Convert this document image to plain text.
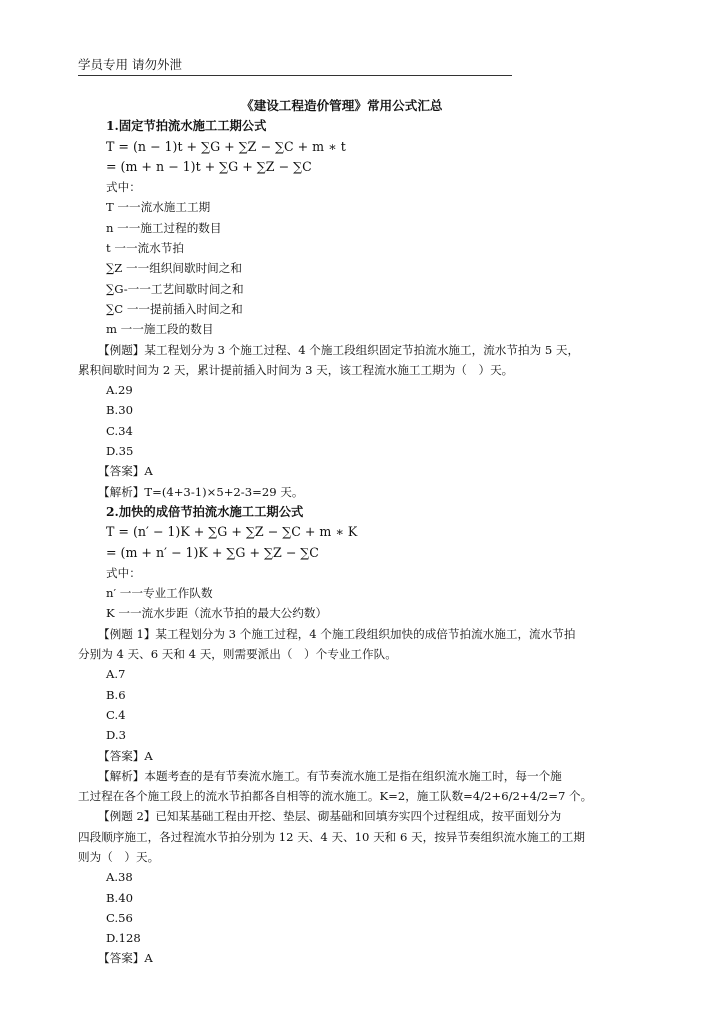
学员专用 请勿外泄

《建设工程造价管理》常用公式汇总

1.固定节拍流水施工工期公式

T = (n − 1)t + ∑G + ∑Z − ∑C + m ∗ t

= (m + n − 1)t + ∑G + ∑Z − ∑C

式中：

T 一一流水施工工期

n 一一施工过程的数目

t 一一流水节拍

∑Z 一一组织间歇时间之和

∑G-一一工艺间歇时间之和

∑C 一一提前插入时间之和

m 一一施工段的数目

【例题】某工程划分为 3 个施工过程、4 个施工段组织固定节拍流水施工，流水节拍为 5 天，

累积间歇时间为 2 天，累计提前插入时间为 3 天，该工程流水施工工期为（　）天。

A.29

B.30

C.34

D.35

【答案】A

【解析】T=(4+3-1)×5+2-3=29 天。

2.加快的成倍节拍流水施工工期公式

T = (n′ − 1)K + ∑G + ∑Z − ∑C + m ∗ K

= (m + n′ − 1)K + ∑G + ∑Z − ∑C

式中：

n′ 一一专业工作队数

K 一一流水步距（流水节拍的最大公约数）

【例题 1】某工程划分为 3 个施工过程，4 个施工段组织加快的成倍节拍流水施工，流水节拍

分别为 4 天、6 天和 4 天，则需要派出（　）个专业工作队。

A.7

B.6

C.4

D.3

【答案】A

【解析】本题考查的是有节奏流水施工。有节奏流水施工是指在组织流水施工时，每一个施

工过程在各个施工段上的流水节拍都各自相等的流水施工。K=2，施工队数=4/2+6/2+4/2=7 个。

【例题 2】已知某基础工程由开挖、垫层、砌基础和回填夯实四个过程组成，按平面划分为

四段顺序施工，各过程流水节拍分别为 12 天、4 天、10 天和 6 天，按异节奏组织流水施工的工期

则为（　）天。

A.38

B.40

C.56

D.128

【答案】A
